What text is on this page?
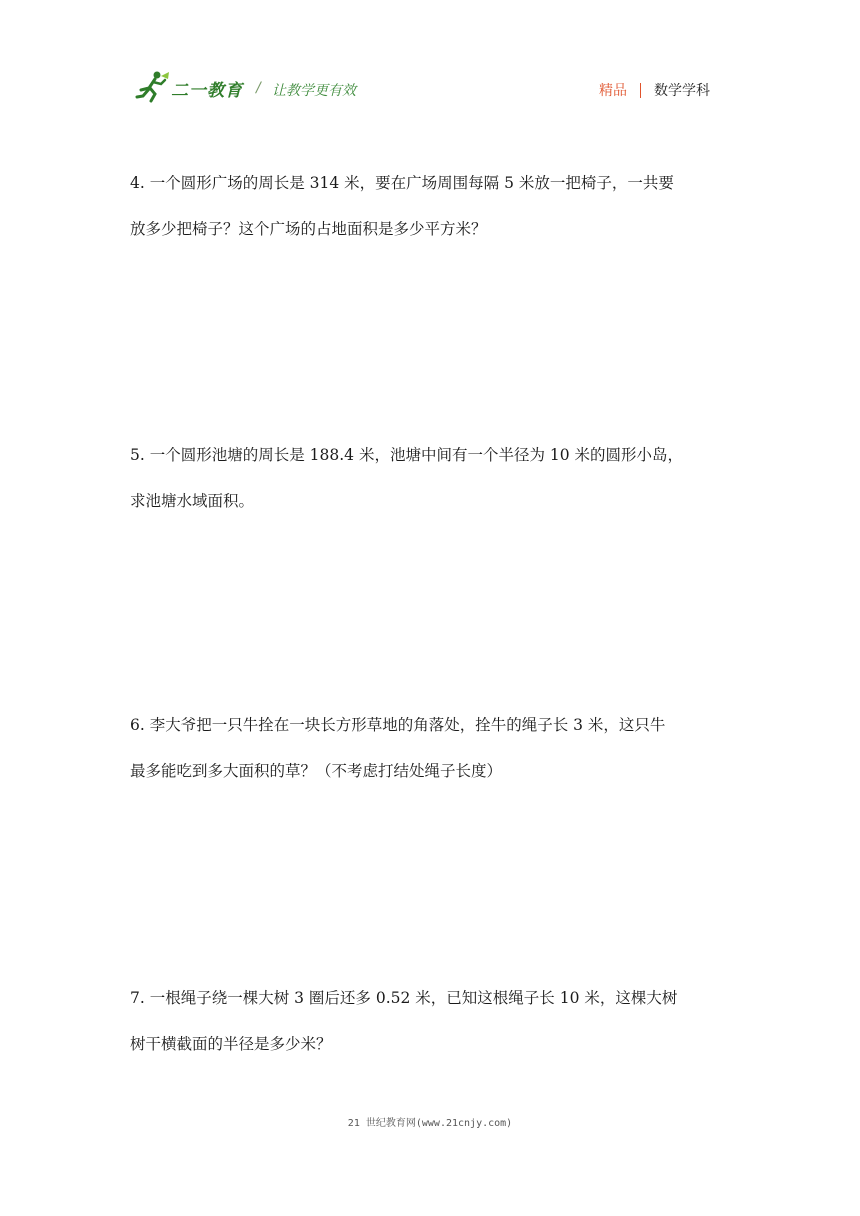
二一教育 / 让教学更有效	精品 数学学科
4. 一个圆形广场的周长是 314 米，要在广场周围每隔 5 米放一把椅子，一共要
放多少把椅子？这个广场的占地面积是多少平方米？
5. 一个圆形池塘的周长是 188.4 米，池塘中间有一个半径为 10 米的圆形小岛，
求池塘水域面积。
6. 李大爷把一只牛拴在一块长方形草地的角落处，拴牛的绳子长 3 米，这只牛
最多能吃到多大面积的草？（不考虑打结处绳子长度）
7. 一根绳子绕一棵大树 3 圈后还多 0.52 米，已知这根绳子长 10 米，这棵大树
树干横截面的半径是多少米？
21 世纪教育网(www.21cnjy.com)
